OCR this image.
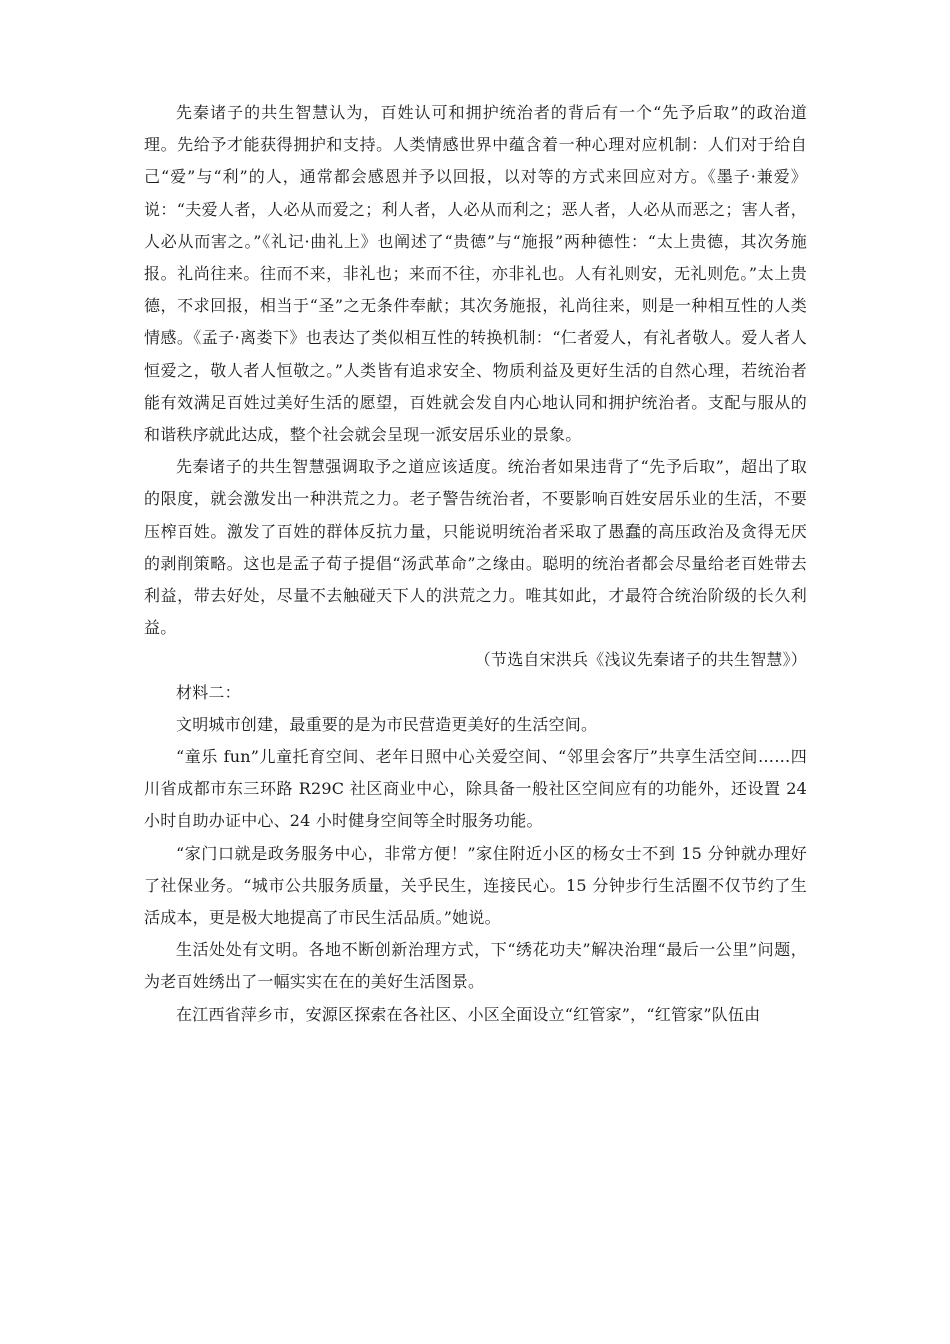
先秦诸子的共生智慧认为，百姓认可和拥护统治者的背后有一个“先予后取”的政治道理。先给予才能获得拥护和支持。人类情感世界中蕴含着一种心理对应机制：人们对于给自己“爱”与“利”的人，通常都会感恩并予以回报，以对等的方式来回应对方。《墨子·兼爱》说：“夫爱人者，人必从而爱之；利人者，人必从而利之；恶人者，人必从而恶之；害人者，人必从而害之。”《礼记·曲礼上》也阐述了“贵德”与“施报”两种德性：“太上贵德，其次务施报。礼尚往来。往而不来，非礼也；来而不往，亦非礼也。人有礼则安，无礼则危。”太上贵德，不求回报，相当于“圣”之无条件奉献；其次务施报，礼尚往来，则是一种相互性的人类情感。《孟子·离娄下》也表达了类似相互性的转换机制：“仁者爱人，有礼者敬人。爱人者人恒爱之，敬人者人恒敬之。”人类皆有追求安全、物质利益及更好生活的自然心理，若统治者能有效满足百姓过美好生活的愿望，百姓就会发自内心地认同和拥护统治者。支配与服从的和谐秩序就此达成，整个社会就会呈现一派安居乐业的景象。

先秦诸子的共生智慧强调取予之道应该适度。统治者如果违背了“先予后取”，超出了取的限度，就会激发出一种洪荒之力。老子警告统治者，不要影响百姓安居乐业的生活，不要压榨百姓。激发了百姓的群体反抗力量，只能说明统治者采取了愚蠢的高压政治及贪得无厌的剥削策略。这也是孟子荀子提倡“汤武革命”之缘由。聪明的统治者都会尽量给老百姓带去利益，带去好处，尽量不去触碰天下人的洪荒之力。唯其如此，才最符合统治阶级的长久利益。

（节选自宋洪兵《浅议先秦诸子的共生智慧》）

材料二：

文明城市创建，最重要的是为市民营造更美好的生活空间。

“童乐 fun”儿童托育空间、老年日照中心关爱空间、“邻里会客厅”共享生活空间……四川省成都市东三环路 R29C 社区商业中心，除具备一般社区空间应有的功能外，还设置 24 小时自助办证中心、24 小时健身空间等全时服务功能。

“家门口就是政务服务中心，非常方便！”家住附近小区的杨女士不到 15 分钟就办理好了社保业务。“城市公共服务质量，关乎民生，连接民心。15 分钟步行生活圈不仅节约了生活成本，更是极大地提高了市民生活品质。”她说。

生活处处有文明。各地不断创新治理方式，下“绣花功夫”解决治理“最后一公里”问题，为老百姓绣出了一幅实实在在的美好生活图景。

在江西省萍乡市，安源区探索在各社区、小区全面设立“红管家”，“红管家”队伍由
